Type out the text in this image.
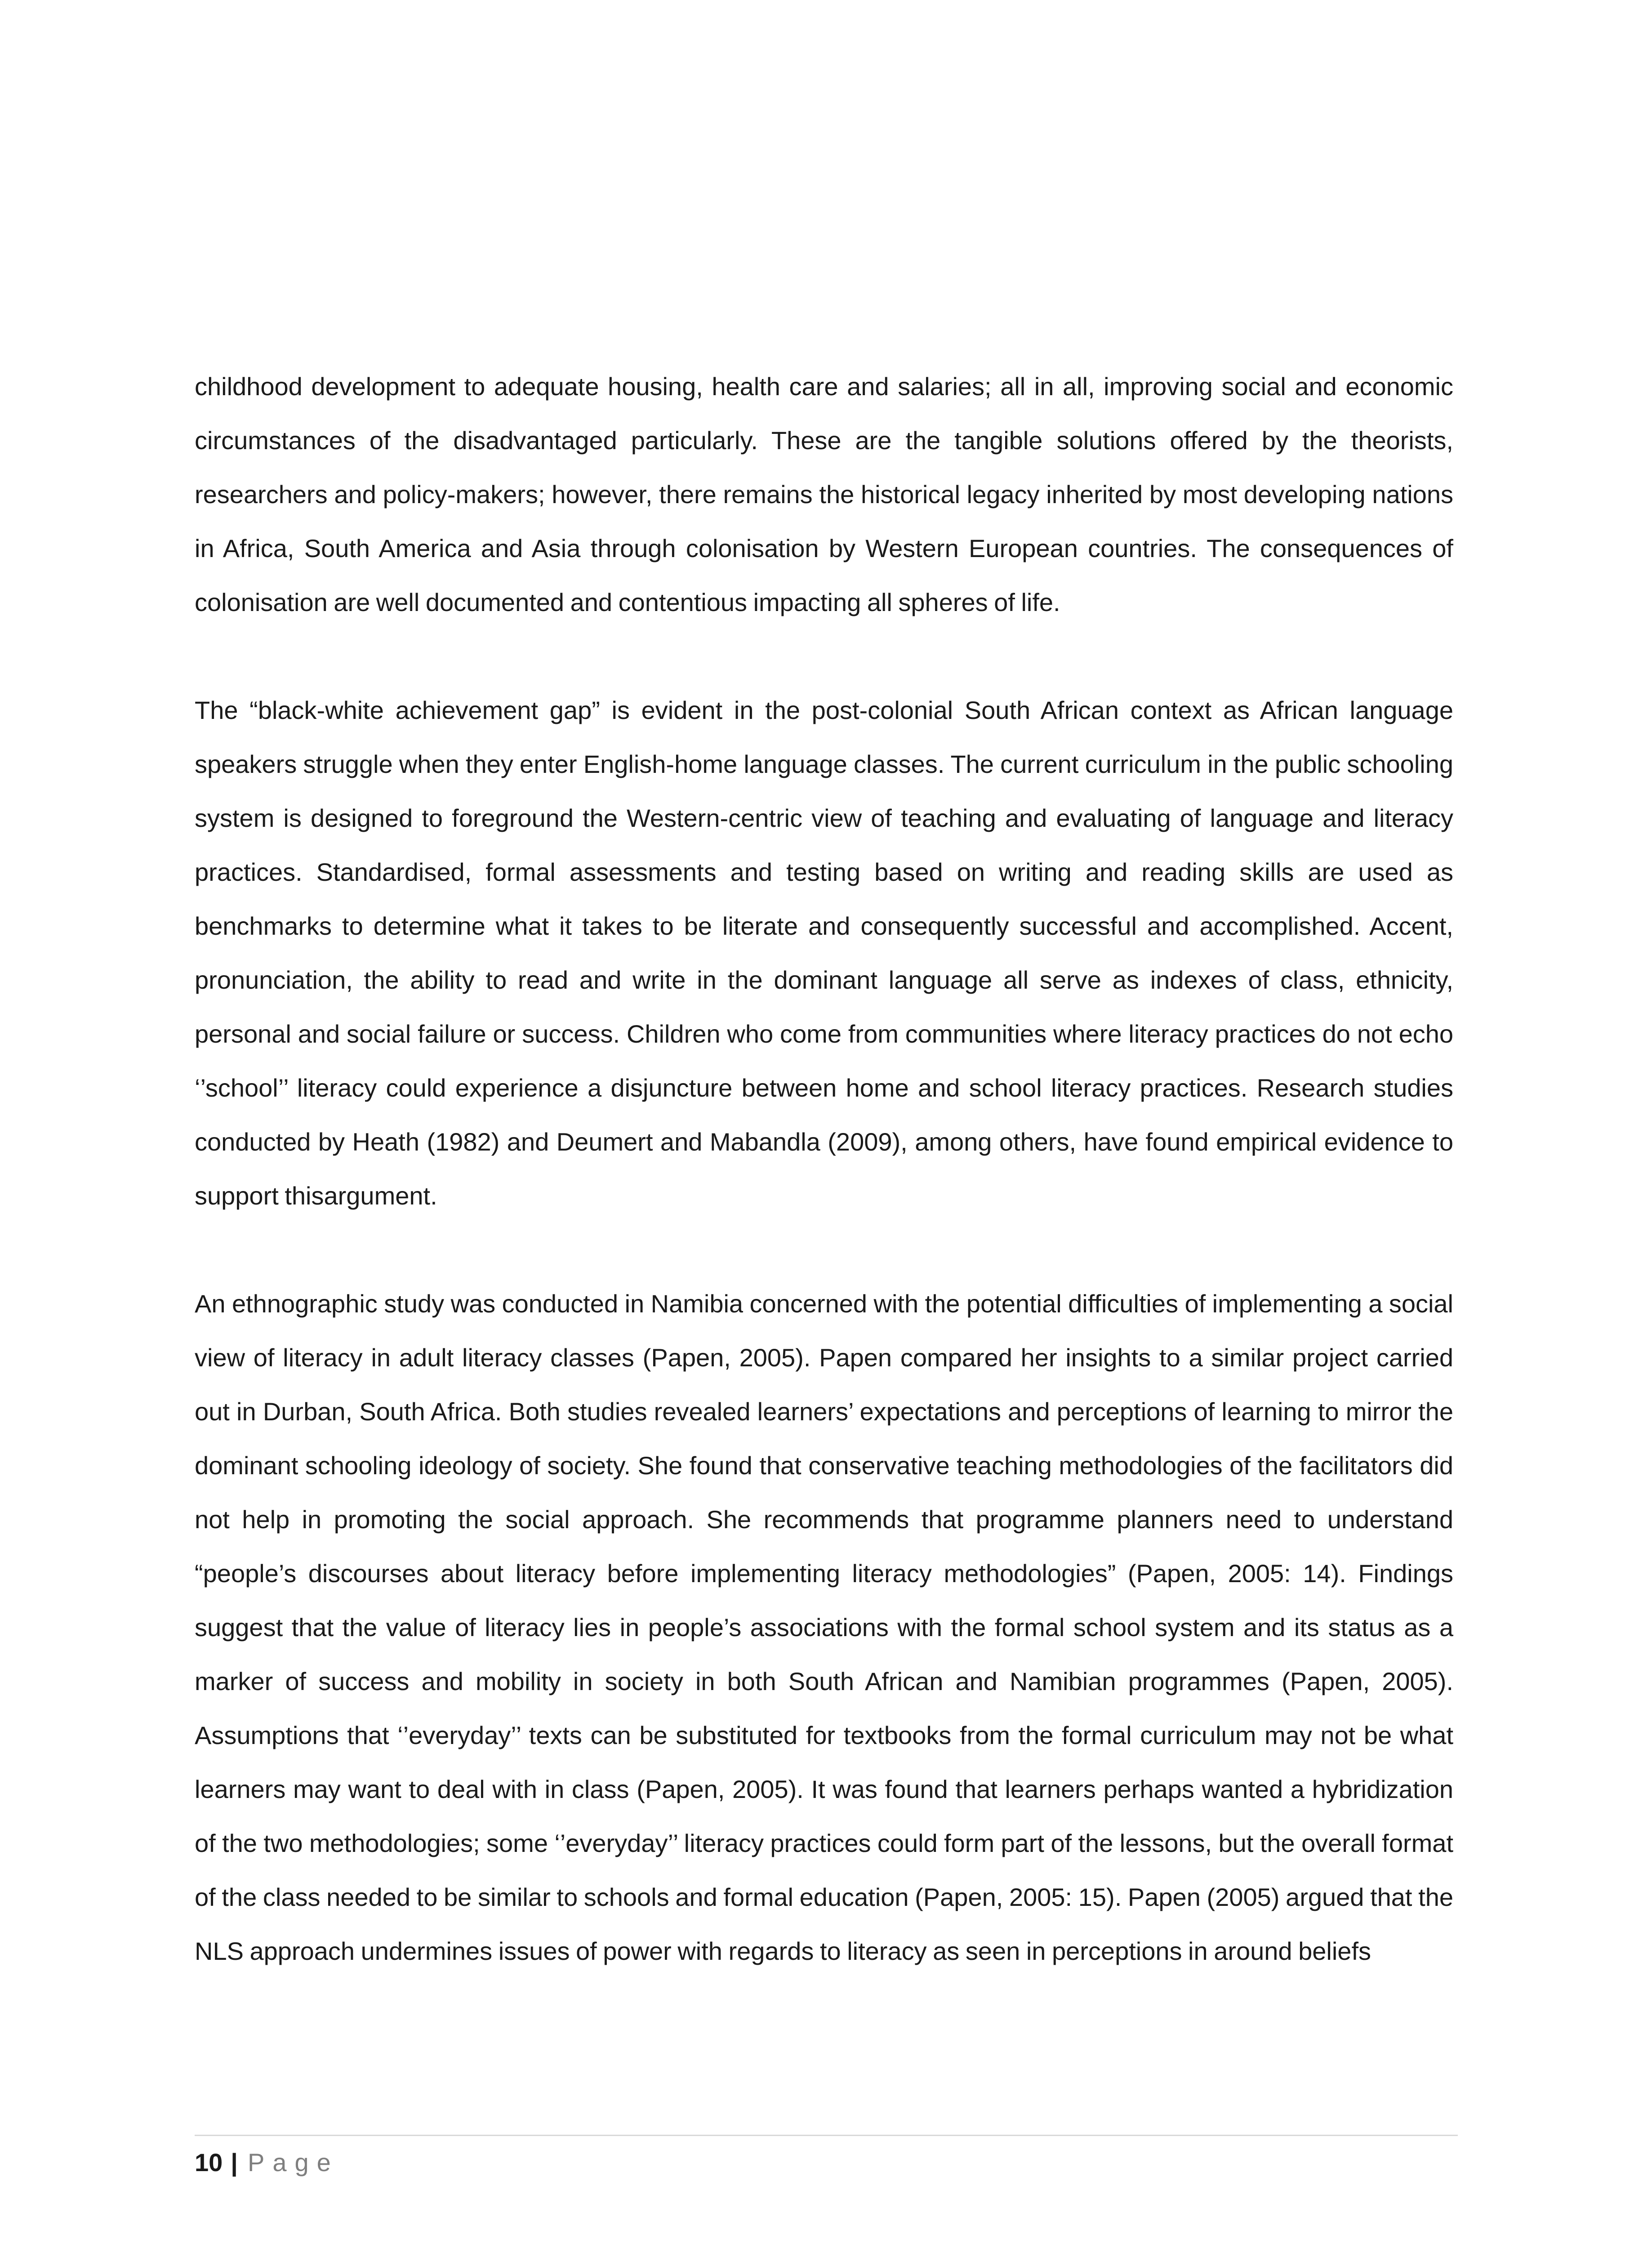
childhood development to adequate housing, health care and salaries; all in all, improving social and economic circumstances of the disadvantaged particularly. These are the tangible solutions offered by the theorists, researchers and policy-makers; however, there remains the historical legacy inherited by most developing nations in Africa, South America and Asia through colonisation by Western European countries. The consequences of colonisation are well documented and contentious impacting all spheres of life.

The “black-white achievement gap” is evident in the post-colonial South African context as African language speakers struggle when they enter English-home language classes. The current curriculum in the public schooling system is designed to foreground the Western-centric view of teaching and evaluating of language and literacy practices. Standardised, formal assessments and testing based on writing and reading skills are used as benchmarks to determine what it takes to be literate and consequently successful and accomplished. Accent, pronunciation, the ability to read and write in the dominant language all serve as indexes of class, ethnicity, personal and social failure or success. Children who come from communities where literacy practices do not echo ‘’school’’ literacy could experience a disjuncture between home and school literacy practices. Research studies conducted by Heath (1982) and Deumert and Mabandla (2009), among others, have found empirical evidence to support thisargument.

An ethnographic study was conducted in Namibia concerned with the potential difficulties of implementing a social view of literacy in adult literacy classes (Papen, 2005). Papen compared her insights to a similar project carried out in Durban, South Africa. Both studies revealed learners’ expectations and perceptions of learning to mirror the dominant schooling ideology of society. She found that conservative teaching methodologies of the facilitators did not help in promoting the social approach. She recommends that programme planners need to understand “people’s discourses about literacy before implementing literacy methodologies” (Papen, 2005: 14). Findings suggest that the value of literacy lies in people’s associations with the formal school system and its status as a marker of success and mobility in society in both South African and Namibian programmes (Papen, 2005). Assumptions that ‘’everyday’’ texts can be substituted for textbooks from the formal curriculum may not be what learners may want to deal with in class (Papen, 2005). It was found that learners perhaps wanted a hybridization of the two methodologies; some ‘’everyday’’ literacy practices could form part of the lessons, but the overall format of the class needed to be similar to schools and formal education (Papen, 2005: 15). Papen (2005) argued that the NLS approach undermines issues of power with regards to literacy as seen in perceptions in around beliefs

10 | Page
